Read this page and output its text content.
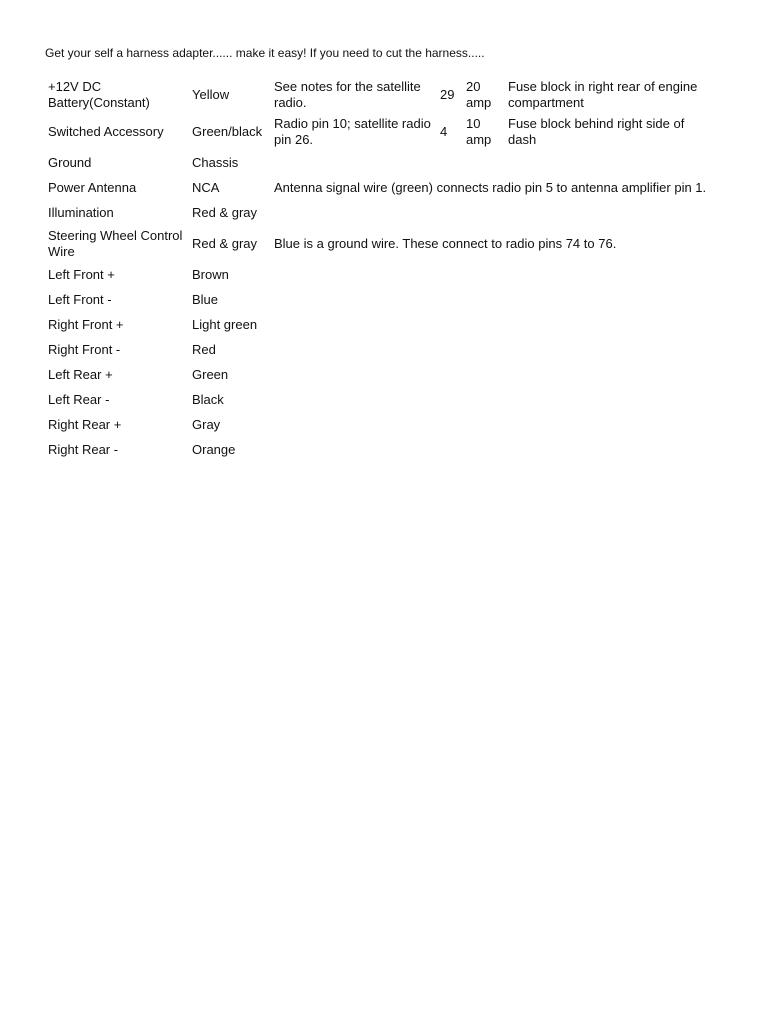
Get your self a harness adapter...... make it easy! If you need to cut the harness.....
+12V DC Battery(Constant)	Yellow	See notes for the satellite radio.	29	20 amp	Fuse block in right rear of engine compartment
Switched Accessory	Green/black	Radio pin 10; satellite radio pin 26.	4	10 amp	Fuse block behind right side of dash
Ground	Chassis				
Power Antenna	NCA	Antenna signal wire (green) connects radio pin 5 to antenna amplifier pin 1.			
Illumination	Red & gray				
Steering Wheel Control Wire	Red & gray	Blue is a ground wire. These connect to radio pins 74 to 76.			
Left Front +	Brown				
Left Front -	Blue				
Right Front +	Light green				
Right Front -	Red				
Left Rear +	Green				
Left Rear -	Black				
Right Rear +	Gray				
Right Rear -	Orange				
